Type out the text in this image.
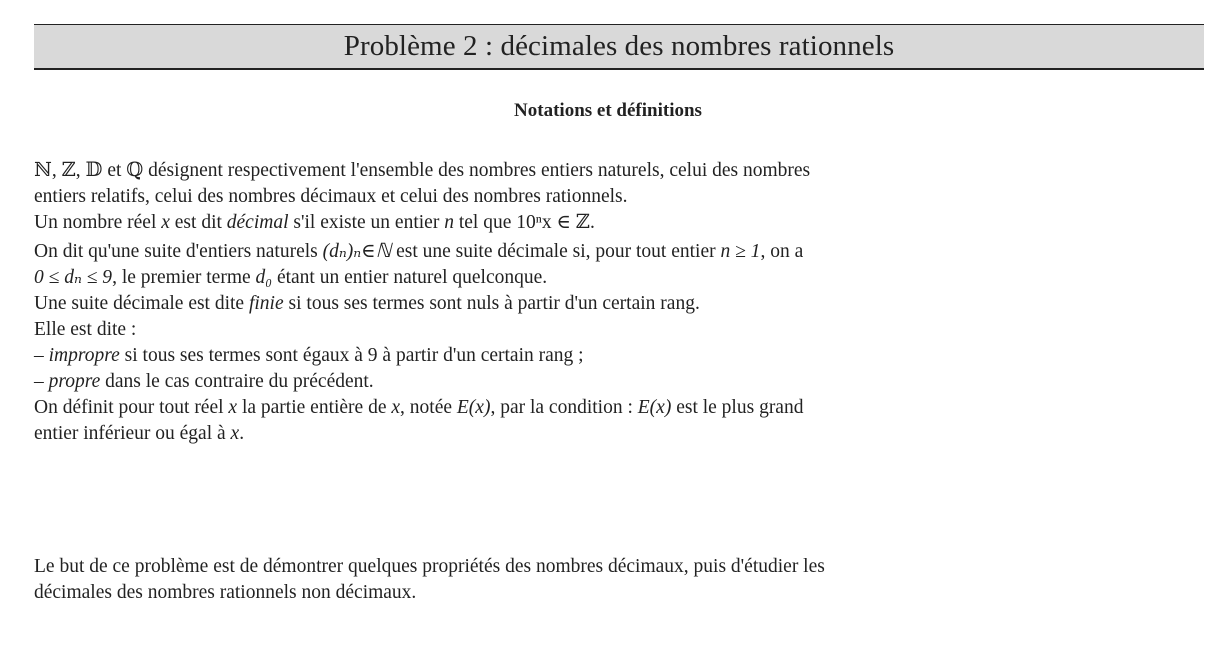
Problème 2 : décimales des nombres rationnels
Notations et définitions
ℕ, ℤ, 𝔻 et ℚ désignent respectivement l'ensemble des nombres entiers naturels, celui des nombres
entiers relatifs, celui des nombres décimaux et celui des nombres rationnels.
Un nombre réel x est dit décimal s'il existe un entier n tel que 10ⁿx ∈ ℤ.
On dit qu'une suite d'entiers naturels (dₙ)ₙ∈ℕ est une suite décimale si, pour tout entier n ≥ 1, on a
0 ≤ dₙ ≤ 9, le premier terme d₀ étant un entier naturel quelconque.
Une suite décimale est dite finie si tous ses termes sont nuls à partir d'un certain rang.
Elle est dite :
– impropre si tous ses termes sont égaux à 9 à partir d'un certain rang ;
– propre dans le cas contraire du précédent.
On définit pour tout réel x la partie entière de x, notée E(x), par la condition : E(x) est le plus grand
entier inférieur ou égal à x.
Le but de ce problème est de démontrer quelques propriétés des nombres décimaux, puis d'étudier les
décimales des nombres rationnels non décimaux.
